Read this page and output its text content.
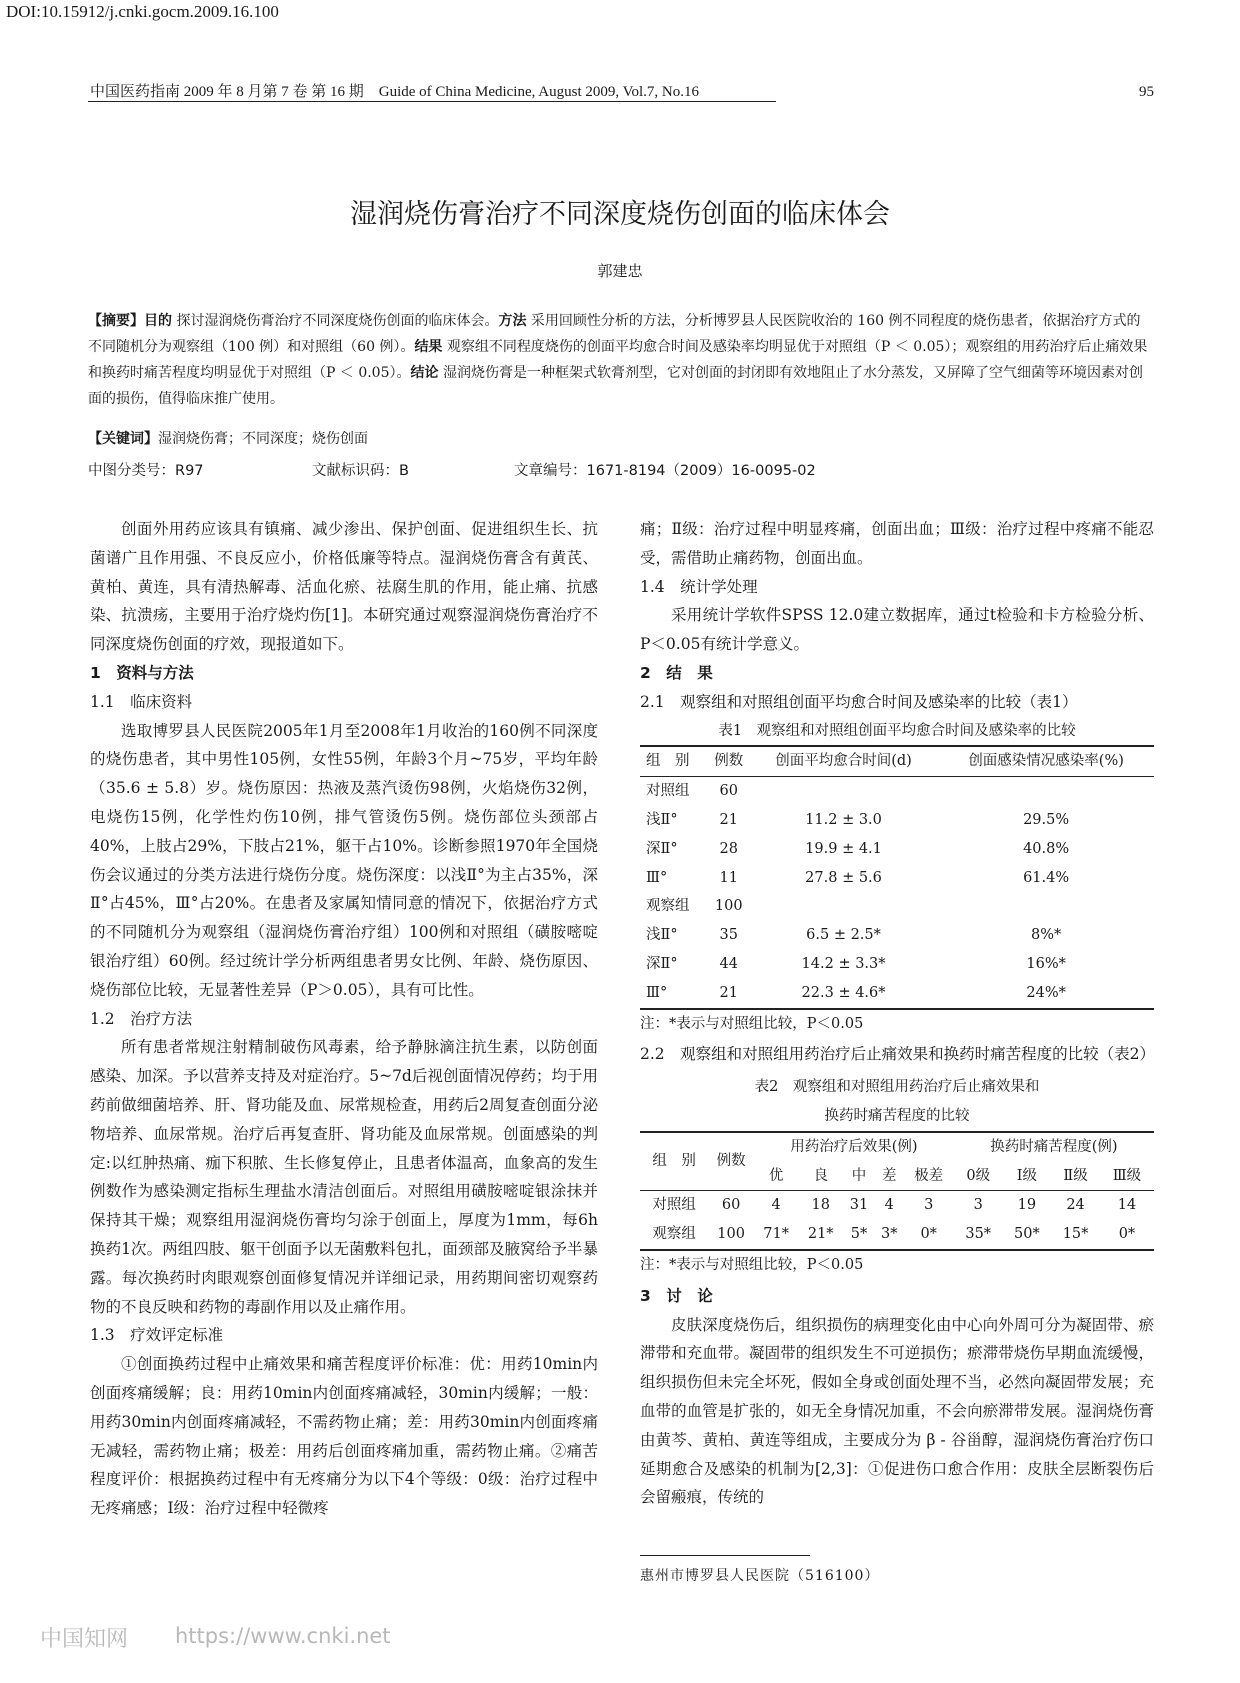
DOI:10.15912/j.cnki.gocm.2009.16.100
中国医药指南 2009 年 8 月第 7 卷 第 16 期　Guide of China Medicine, August 2009, Vol.7, No.16	95
湿润烧伤膏治疗不同深度烧伤创面的临床体会
郭建忠
【摘要】目的 探讨湿润烧伤膏治疗不同深度烧伤创面的临床体会。方法 采用回顾性分析的方法，分析博罗县人民医院收治的 160 例不同程度的烧伤患者，依据治疗方式的不同随机分为观察组（100 例）和对照组（60 例）。结果 观察组不同程度烧伤的创面平均愈合时间及感染率均明显优于对照组（P ＜ 0.05）；观察组的用药治疗后止痛效果和换药时痛苦程度均明显优于对照组（P ＜ 0.05）。结论 湿润烧伤膏是一种框架式软膏剂型，它对创面的封闭即有效地阻止了水分蒸发，又屏障了空气细菌等环境因素对创面的损伤，值得临床推广使用。
【关键词】湿润烧伤膏；不同深度；烧伤创面
中图分类号：R97	文献标识码：B	文章编号：1671-8194（2009）16-0095-02

创面外用药应该具有镇痛、减少渗出、保护创面、促进组织生长、抗菌谱广且作用强、不良反应小，价格低廉等特点。湿润烧伤膏含有黄芪、黄柏、黄连，具有清热解毒、活血化瘀、祛腐生肌的作用，能止痛、抗感染、抗溃疡，主要用于治疗烧灼伤[1]。本研究通过观察湿润烧伤膏治疗不同深度烧伤创面的疗效，现报道如下。

1　资料与方法

1.1　临床资料

选取博罗县人民医院2005年1月至2008年1月收治的160例不同深度的烧伤患者，其中男性105例，女性55例，年龄3个月~75岁，平均年龄（35.6 ± 5.8）岁。烧伤原因：热液及蒸汽烫伤98例，火焰烧伤32例，电烧伤15例，化学性灼伤10例，排气管烫伤5例。烧伤部位头颈部占40%，上肢占29%，下肢占21%，躯干占10%。诊断参照1970年全国烧伤会议通过的分类方法进行烧伤分度。烧伤深度：以浅Ⅱ°为主占35%，深Ⅱ°占45%，Ⅲ°占20%。在患者及家属知情同意的情况下，依据治疗方式的不同随机分为观察组（湿润烧伤膏治疗组）100例和对照组（磺胺嘧啶银治疗组）60例。经过统计学分析两组患者男女比例、年龄、烧伤原因、烧伤部位比较，无显著性差异（P＞0.05），具有可比性。

1.2　治疗方法

所有患者常规注射精制破伤风毒素，给予静脉滴注抗生素，以防创面感染、加深。予以营养支持及对症治疗。5~7d后视创面情况停药；均于用药前做细菌培养、肝、肾功能及血、尿常规检查，用药后2周复查创面分泌物培养、血尿常规。治疗后再复查肝、肾功能及血尿常规。创面感染的判定:以红肿热痛、痂下积脓、生长修复停止，且患者体温高，血象高的发生例数作为感染测定指标生理盐水清洁创面后。对照组用磺胺嘧啶银涂抹并保持其干燥；观察组用湿润烧伤膏均匀涂于创面上，厚度为1mm，每6h换药1次。两组四肢、躯干创面予以无菌敷料包扎，面颈部及腋窝给予半暴露。每次换药时肉眼观察创面修复情况并详细记录，用药期间密切观察药物的不良反映和药物的毒副作用以及止痛作用。

1.3　疗效评定标准

①创面换药过程中止痛效果和痛苦程度评价标准：优：用药10min内创面疼痛缓解；良：用药10min内创面疼痛减轻，30min内缓解；一般：用药30min内创面疼痛减轻，不需药物止痛；差：用药30min内创面疼痛无减轻，需药物止痛；极差：用药后创面疼痛加重，需药物止痛。②痛苦程度评价：根据换药过程中有无疼痛分为以下4个等级：0级：治疗过程中无疼痛感；Ⅰ级：治疗过程中轻微疼

痛；Ⅱ级：治疗过程中明显疼痛，创面出血；Ⅲ级：治疗过程中疼痛不能忍受，需借助止痛药物，创面出血。

1.4　统计学处理

采用统计学软件SPSS 12.0建立数据库，通过t检验和卡方检验分析、P＜0.05有统计学意义。

2　结　果

2.1　观察组和对照组创面平均愈合时间及感染率的比较（表1）

表1　观察组和对照组创面平均愈合时间及感染率的比较
组　别	例数	创面平均愈合时间(d)	创面感染情况感染率(%)
对照组	60		
浅Ⅱ°	21	11.2 ± 3.0	29.5%
深Ⅱ°	28	19.9 ± 4.1	40.8%
Ⅲ°	11	27.8 ± 5.6	61.4%
观察组	100		
浅Ⅱ°	35	6.5 ± 2.5*	8%*
深Ⅱ°	44	14.2 ± 3.3*	16%*
Ⅲ°	21	22.3 ± 4.6*	24%*
注：*表示与对照组比较，P＜0.05

2.2　观察组和对照组用药治疗后止痛效果和换药时痛苦程度的比较（表2）

表2　观察组和对照组用药治疗后止痛效果和
换药时痛苦程度的比较
组　别	例数	用药治疗后效果(例)					换药时痛苦程度(例)			
		优	良	中	差	极差	0级	Ⅰ级	Ⅱ级	Ⅲ级
对照组	60	4	18	31	4	3	3	19	24	14
观察组	100	71*	21*	5*	3*	0*	35*	50*	15*	0*
注：*表示与对照组比较，P＜0.05

3　讨　论

皮肤深度烧伤后，组织损伤的病理变化由中心向外周可分为凝固带、瘀滞带和充血带。凝固带的组织发生不可逆损伤；瘀滞带烧伤早期血流缓慢，组织损伤但未完全坏死，假如全身或创面处理不当，必然向凝固带发展；充血带的血管是扩张的，如无全身情况加重，不会向瘀滞带发展。湿润烧伤膏由黄芩、黄柏、黄连等组成，主要成分为 β - 谷甾醇，湿润烧伤膏治疗伤口延期愈合及感染的机制为[2,3]：①促进伤口愈合作用：皮肤全层断裂伤后会留瘢痕，传统的

惠州市博罗县人民医院（516100）
中国知网 https://www.cnki.net
